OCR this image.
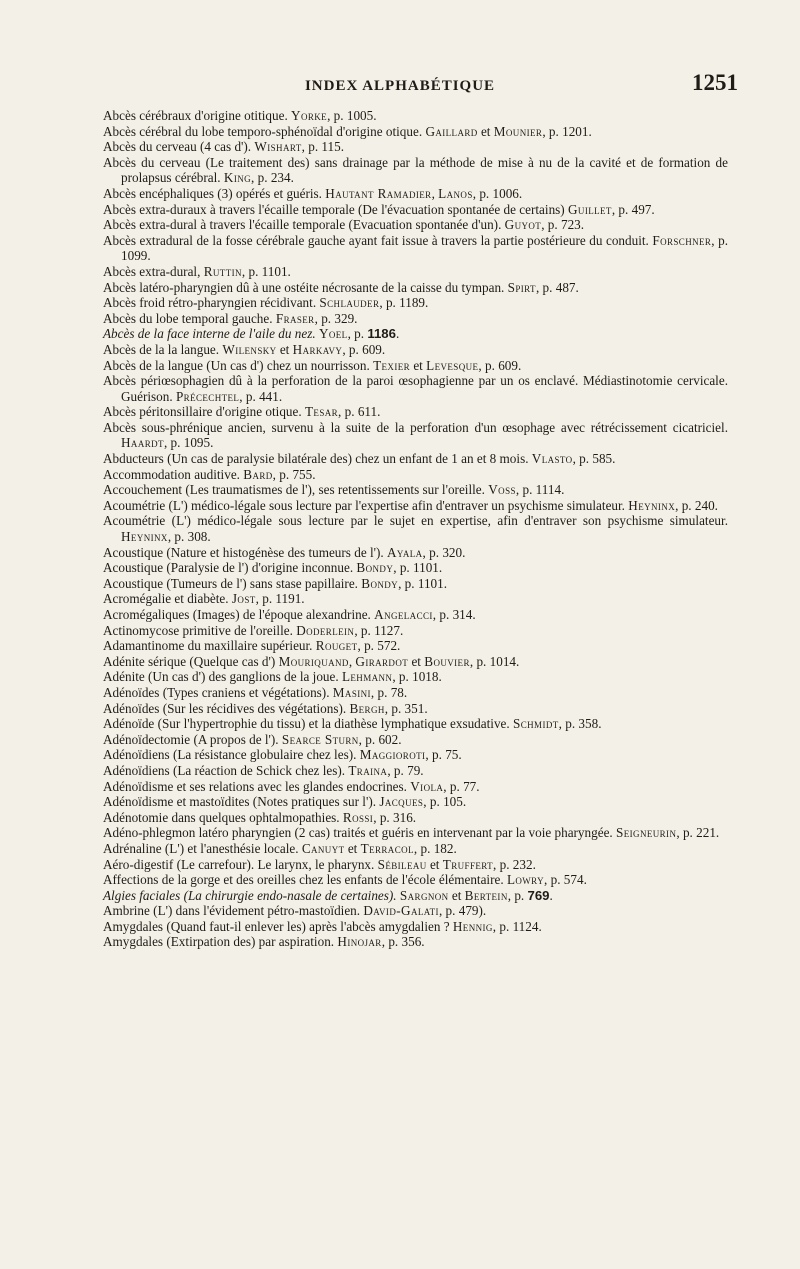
INDEX ALPHABÉTIQUE	1251

Abcès cérébraux d'origine otitique. Yorke, p. 1005.

Abcès cérébral du lobe temporo-sphénoïdal d'origine otique. Gaillard et Mounier, p. 1201.

Abcès du cerveau (4 cas d'). Wishart, p. 115.

Abcès du cerveau (Le traitement des) sans drainage par la méthode de mise à nu de la cavité et de formation de prolapsus cérébral. King, p. 234.

Abcès encéphaliques (3) opérés et guéris. Hautant Ramadier, Lanos, p. 1006.

Abcès extra-duraux à travers l'écaille temporale (De l'évacuation spontanée de certains) Guillet, p. 497.

Abcès extra-dural à travers l'écaille temporale (Evacuation spontanée d'un). Guyot, p. 723.

Abcès extradural de la fosse cérébrale gauche ayant fait issue à travers la partie postérieure du conduit. Forschner, p. 1099.

Abcès extra-dural, Ruttin, p. 1101.

Abcès latéro-pharyngien dû à une ostéite nécrosante de la caisse du tympan. Spirt, p. 487.

Abcès froid rétro-pharyngien récidivant. Schlauder, p. 1189.

Abcès du lobe temporal gauche. Fraser, p. 329.

Abcès de la face interne de l'aile du nez. Yoel, p. 1186.

Abcès de la la langue. Wilensky et Harkavy, p. 609.

Abcès de la langue (Un cas d') chez un nourrisson. Texier et Levesque, p. 609.

Abcès périœsophagien dû à la perforation de la paroi œsophagienne par un os enclavé. Médiastinotomie cervicale. Guérison. Précechtel, p. 441.

Abcès péritonsillaire d'origine otique. Tesar, p. 611.

Abcès sous-phrénique ancien, survenu à la suite de la perforation d'un œsophage avec rétrécissement cicatriciel. Haardt, p. 1095.

Abducteurs (Un cas de paralysie bilatérale des) chez un enfant de 1 an et 8 mois. Vlasto, p. 585.

Accommodation auditive. Bard, p. 755.

Accouchement (Les traumatismes de l'), ses retentissements sur l'oreille. Voss, p. 1114.

Acoumétrie (L') médico-légale sous lecture par l'expertise afin d'entraver un psychisme simulateur. Heyninx, p. 240.

Acoumétrie (L') médico-légale sous lecture par le sujet en expertise, afin d'entraver son psychisme simulateur. Heyninx, p. 308.

Acoustique (Nature et histogénèse des tumeurs de l'). Ayala, p. 320.

Acoustique (Paralysie de l') d'origine inconnue. Bondy, p. 1101.

Acoustique (Tumeurs de l') sans stase papillaire. Bondy, p. 1101.

Acromégalie et diabète. Jost, p. 1191.

Acromégaliques (Images) de l'époque alexandrine. Angelacci, p. 314.

Actinomycose primitive de l'oreille. Doderlein, p. 1127.

Adamantinome du maxillaire supérieur. Rouget, p. 572.

Adénite sérique (Quelque cas d') Mouriquand, Girardot et Bouvier, p. 1014.

Adénite (Un cas d') des ganglions de la joue. Lehmann, p. 1018.

Adénoïdes (Types craniens et végétations). Masini, p. 78.

Adénoïdes (Sur les récidives des végétations). Bergh, p. 351.

Adénoïde (Sur l'hypertrophie du tissu) et la diathèse lymphatique exsudative. Schmidt, p. 358.

Adénoïdectomie (A propos de l'). Searce Sturn, p. 602.

Adénoïdiens (La résistance globulaire chez les). Maggioroti, p. 75.

Adénoïdiens (La réaction de Schick chez les). Traina, p. 79.

Adénoïdisme et ses relations avec les glandes endocrines. Viola, p. 77.

Adénoïdisme et mastoïdites (Notes pratiques sur l'). Jacques, p. 105.

Adénotomie dans quelques ophtalmopathies. Rossi, p. 316.

Adéno-phlegmon latéro pharyngien (2 cas) traités et guéris en intervenant par la voie pharyngée. Seigneurin, p. 221.

Adrénaline (L') et l'anesthésie locale. Canuyt et Terracol, p. 182.

Aéro-digestif (Le carrefour). Le larynx, le pharynx. Sébileau et Truffert, p. 232.

Affections de la gorge et des oreilles chez les enfants de l'école élémentaire. Lowry, p. 574.

Algies faciales (La chirurgie endo-nasale de certaines). Sargnon et Bertein, p. 769.

Ambrine (L') dans l'évidement pétro-mastoïdien. David-Galati, p. 479).

Amygdales (Quand faut-il enlever les) après l'abcès amygdalien ? Hennig, p. 1124.

Amygdales (Extirpation des) par aspiration. Hinojar, p. 356.
